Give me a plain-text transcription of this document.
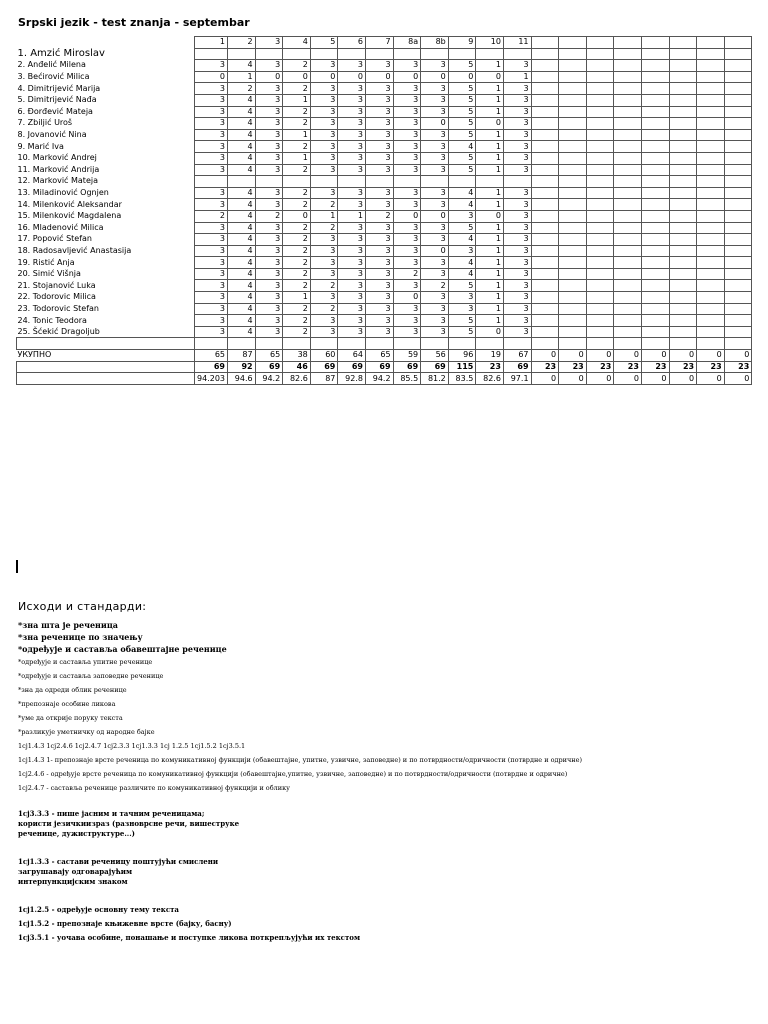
Srpski jezik - test znanja - septembar
	1	2	3	4	5	6	7	8a	8b	9	10	11								
1. Amzić Miroslav																				
2. Anđelić Milena	3	4	3	2	3	3	3	3	3	5	1	3								
3. Bećirović Milica	0	1	0	0	0	0	0	0	0	0	0	1								
4. Dimitrijević Marija	3	2	3	2	3	3	3	3	3	5	1	3								
5. Dimitrijević Nađa	3	4	3	1	3	3	3	3	3	5	1	3								
6. Đorđević Mateja	3	4	3	2	3	3	3	3	3	5	1	3								
7. Zbiljić Uroš	3	4	3	2	3	3	3	3	0	5	0	3								
8. Jovanović Nina	3	4	3	1	3	3	3	3	3	5	1	3								
9. Marić Iva	3	4	3	2	3	3	3	3	3	4	1	3								
10. Marković Andrej	3	4	3	1	3	3	3	3	3	5	1	3								
11. Marković Andrija	3	4	3	2	3	3	3	3	3	5	1	3								
12. Marković Mateja																				
13. Miladinović Ognjen	3	4	3	2	3	3	3	3	3	4	1	3								
14. Milenković Aleksandar	3	4	3	2	2	3	3	3	3	4	1	3								
15. Milenković Magdalena	2	4	2	0	1	1	2	0	0	3	0	3								
16. Mladenović Milica	3	4	3	2	2	3	3	3	3	5	1	3								
17. Popović Stefan	3	4	3	2	3	3	3	3	3	4	1	3								
18. Radosavljević Anastasija	3	4	3	2	3	3	3	3	0	3	1	3								
19. Ristić Anja	3	4	3	2	3	3	3	3	3	4	1	3								
20. Simić Višnja	3	4	3	2	3	3	3	2	3	4	1	3								
21. Stojanović Luka	3	4	3	2	2	3	3	3	2	5	1	3								
22. Todorovic Milica	3	4	3	1	3	3	3	0	3	3	1	3								
23. Todorovic Stefan	3	4	3	2	2	3	3	3	3	3	1	3								
24. Tonic Teodora	3	4	3	2	3	3	3	3	3	5	1	3								
25. Šćekić Dragoljub	3	4	3	2	3	3	3	3	3	5	0	3								

УКУПНО	65	87	65	38	60	64	65	59	56	96	19	67	0	0	0	0	0	0	0	0
	69	92	69	46	69	69	69	69	69	115	23	69	23	23	23	23	23	23	23	23
	94.203	94.6	94.2	82.6	87	92.8	94.2	85.5	81.2	83.5	82.6	97.1	0	0	0	0	0	0	0	0
Исходи и стандарди:
*зна шта је реченица
*зна реченице по значењу
*одређује и саставља обавештајне реченице
*одређује и саставља упитне реченице
*одређује и саставља заповедне реченице
*зна да одреди облик реченице
*препознаје особине ликова
*уме да открије поруку текста
*разликује уметничку од народне бајке
1cj1.4.3 1cj2.4.6 1cj2.4.7 1cj2.3.3 1cj1.3.3 1cj 1.2.5 1cj1.5.2 1cj3.5.1
1cj1.4.3 1- препознаје врсте реченица по комуникативној функцији (обавештајне, упитне, узвичне, заповедне) и по потврдности/одричности (потврдне и одричне)
1cj2.4.6 - одређује врсте реченица по комуникативној функцији (обавештајне,упитне, узвичне, заповедне) и по потврдности/одричности (потврдне и одричне)
1cj2.4.7 - саставља реченице различите по комуникативној функцији и облику
1cj3.3.3 - пише јасним и тачним реченицама;
користи језичкиизраз (разноврсне речи, вишеструке
реченице, дужиструктуре...)
1cj1.3.3 - састави реченицу поштујући смислени
загрушавају одговарајућим
интерпункцијским знаком
1cj1.2.5 - одређује основну тему текста
1cj1.5.2 - препознаје књижевне врсте (бајку, басну)
1cj3.5.1 - уочава особине, понашање и поступке ликова поткрепљујући их текстом
